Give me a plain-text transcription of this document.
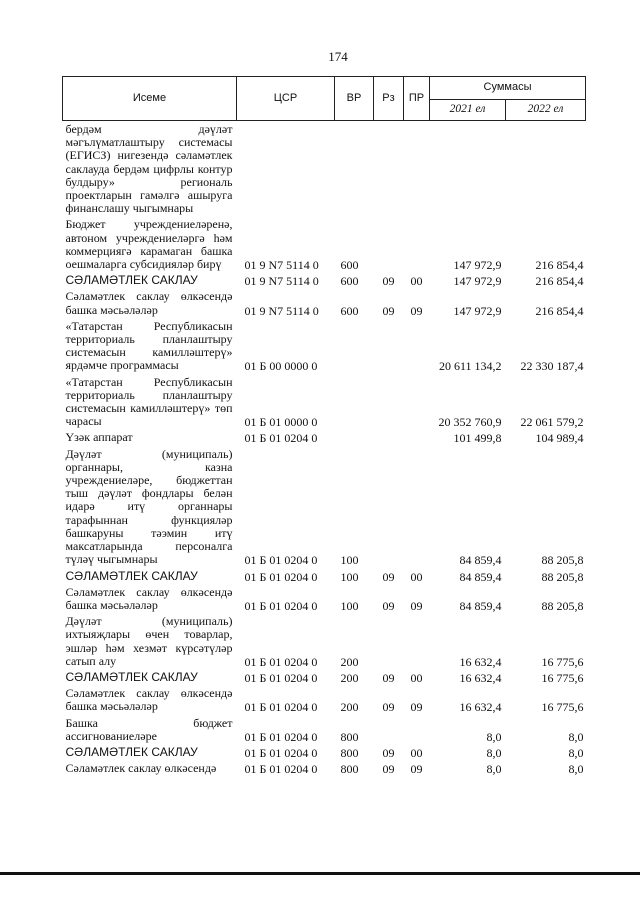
174
Исеме	ЦСР	ВР	Рз	ПР	Суммасы	
					2021 ел	2022 ел
бердәм дәүләт мәгълүматлаштыру системасы (ЕГИСЗ) нигезендә сәламәтлек саклауда бердәм цифрлы контур булдыру» региональ проектларын гамәлгә ашыруга финанслашу чыгымнары						
Бюджет учреждениеләренә, автоном учреждениеләргә һәм коммерциягә карамаган башка оешмаларга субсидияләр бирү	01 9 N7 5114 0	600			147 972,9	216 854,4
СӘЛАМӘТЛЕК САКЛАУ	01 9 N7 5114 0	600	09	00	147 972,9	216 854,4
Сәламәтлек саклау өлкәсендә башка мәсьәләләр	01 9 N7 5114 0	600	09	09	147 972,9	216 854,4
«Татарстан Республикасын территориаль планлаштыру системасын камилләштерү» ярдәмче программасы	01 Б 00 0000 0				20 611 134,2	22 330 187,4
«Татарстан Республикасын территориаль планлаштыру системасын камилләштерү» төп чарасы	01 Б 01 0000 0				20 352 760,9	22 061 579,2
Үзәк аппарат	01 Б 01 0204 0				101 499,8	104 989,4
Дәүләт (муниципаль) органнары, казна учреждениеләре, бюджеттан тыш дәүләт фондлары белән идарә итү органнары тарафыннан функцияләр башкаруны тәэмин итү максатларында персоналга түләү чыгымнары	01 Б 01 0204 0	100			84 859,4	88 205,8
СӘЛАМӘТЛЕК САКЛАУ	01 Б 01 0204 0	100	09	00	84 859,4	88 205,8
Сәламәтлек саклау өлкәсендә башка мәсьәләләр	01 Б 01 0204 0	100	09	09	84 859,4	88 205,8
Дәүләт (муниципаль) ихтыяҗлары өчен товарлар, эшләр һәм хезмәт күрсәтүләр сатып алу	01 Б 01 0204 0	200			16 632,4	16 775,6
СӘЛАМӘТЛЕК САКЛАУ	01 Б 01 0204 0	200	09	00	16 632,4	16 775,6
Сәламәтлек саклау өлкәсендә башка мәсьәләләр	01 Б 01 0204 0	200	09	09	16 632,4	16 775,6
Башка бюджет ассигнованиеләре	01 Б 01 0204 0	800			8,0	8,0
СӘЛАМӘТЛЕК САКЛАУ	01 Б 01 0204 0	800	09	00	8,0	8,0
Сәламәтлек саклау өлкәсендә	01 Б 01 0204 0	800	09	09	8,0	8,0
